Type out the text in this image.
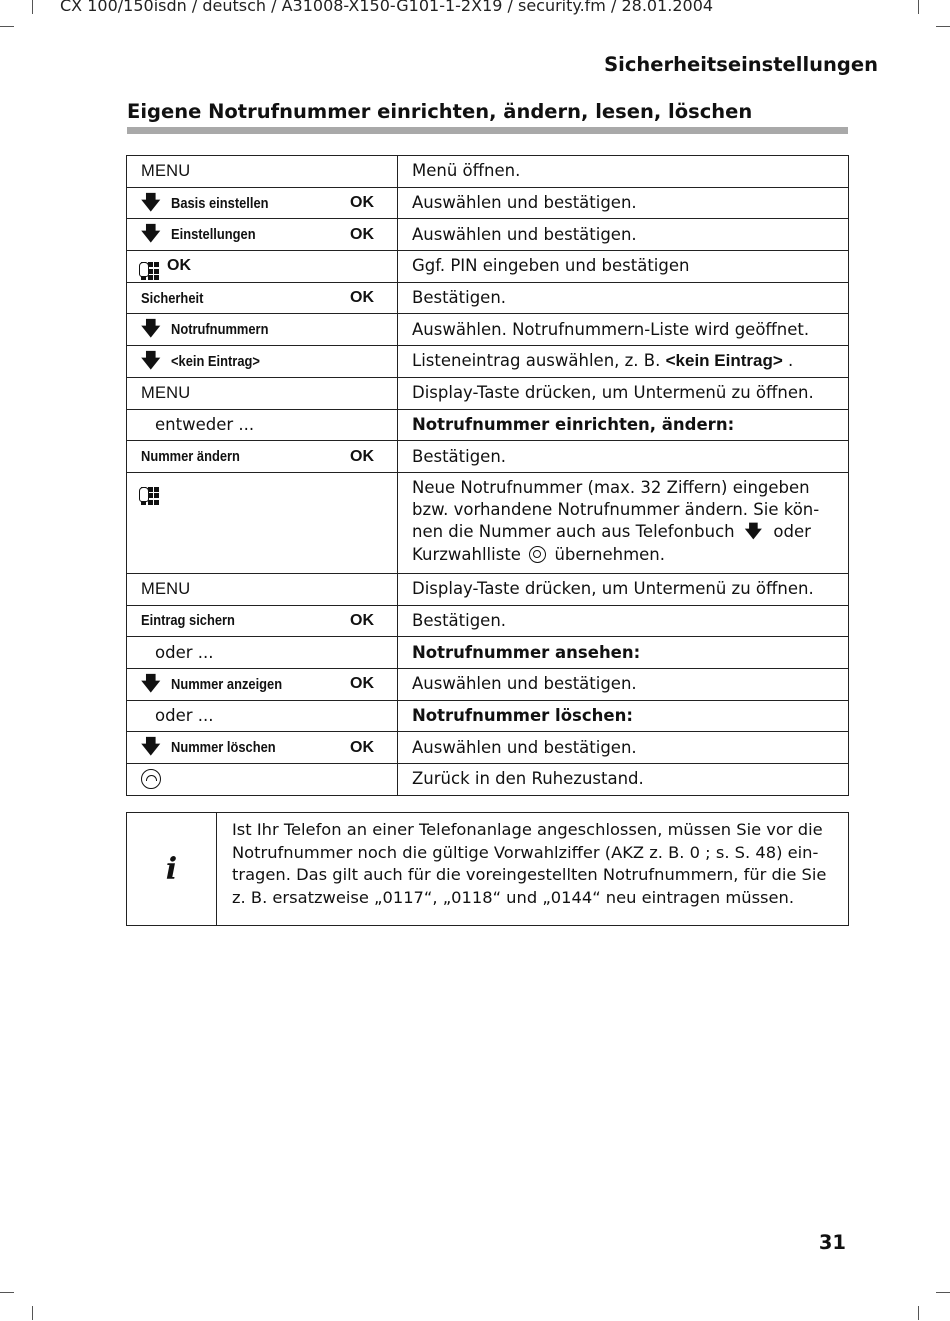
CX 100/150isdn / deutsch / A31008-X150-G101-1-2X19 / security.fm / 28.01.2004
Sicherheitseinstellungen
Eigene Notrufnummer einrichten, ändern, lesen, löschen
MENU	Menü öffnen.

🡇 Basis einstellen OK	Auswählen und bestätigen.

🡇 Einstellungen OK	Auswählen und bestätigen.

OK	Ggf. PIN eingeben und bestätigen

Sicherheit OK	Bestätigen.

🡇 Notrufnummern	Auswählen. Notrufnummern-Liste wird geöffnet.

🡇 <kein Eintrag>	Listeneintrag auswählen, z. B. <kein Eintrag> .

MENU	Display-Taste drücken, um Untermenü zu öffnen.

entweder ...	Notrufnummer einrichten, ändern:

Nummer ändern OK	Bestätigen.

	Neue Notrufnummer (max. 32 Ziffern) eingeben bzw. vorhandene Notrufnummer ändern. Sie kön-nen die Nummer auch aus Telefonbuch 🡇 oder Kurzwahlliste übernehmen.

MENU	Display-Taste drücken, um Untermenü zu öffnen.

Eintrag sichern OK	Bestätigen.

oder ...	Notrufnummer ansehen:

🡇 Nummer anzeigen OK	Auswählen und bestätigen.

oder ...	Notrufnummer löschen:

🡇 Nummer löschen OK	Auswählen und bestätigen.

	Zurück in den Ruhezustand.
i	Ist Ihr Telefon an einer Telefonanlage angeschlossen, müssen Sie vor die Notrufnummer noch die gültige Vorwahlziffer (AKZ z. B. 0 ; s. S. 48) ein-tragen. Das gilt auch für die voreingestellten Notrufnummern, für die Sie z. B. ersatzweise „0117“, „0118“ und „0144“ neu eintragen müssen.
31
